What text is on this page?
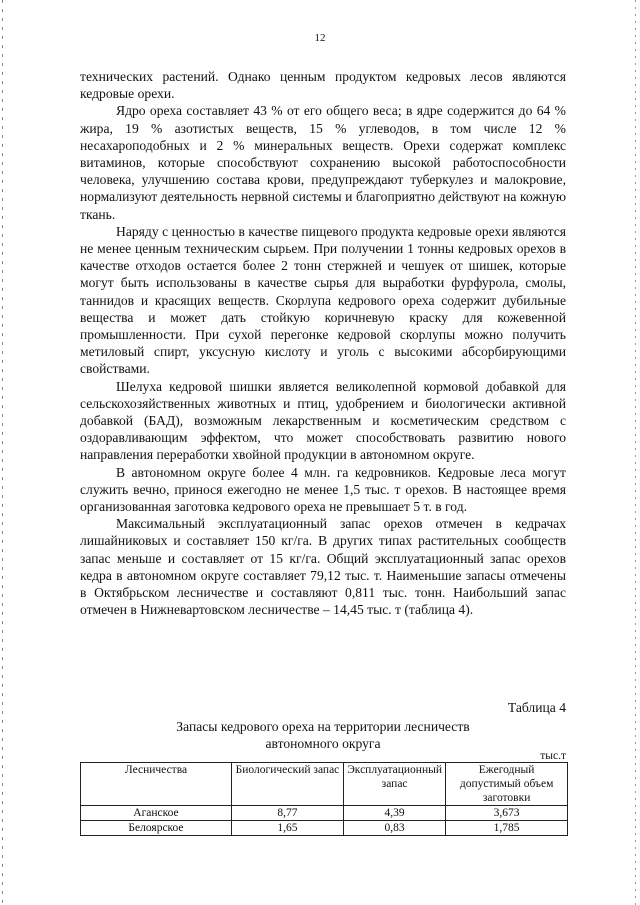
12

технических растений. Однако ценным продуктом кедровых лесов являются кедровые орехи.

Ядро ореха составляет 43 % от его общего веса; в ядре содержится до 64 % жира, 19 % азотистых веществ, 15 % углеводов, в том числе 12 % несахароподобных и 2 % минеральных веществ. Орехи содержат комплекс витаминов, которые способствуют сохранению высокой работоспособности человека, улучшению состава крови, предупреждают туберкулез и малокровие, нормализуют деятельность нервной системы и благоприятно действуют на кожную ткань.

Наряду с ценностью в качестве пищевого продукта кедровые орехи являются не менее ценным техническим сырьем. При получении 1 тонны кедровых орехов в качестве отходов остается более 2 тонн стержней и чешуек от шишек, которые могут быть использованы в качестве сырья для выработки фурфурола, смолы, таннидов и красящих веществ. Скорлупа кедрового ореха содержит дубильные вещества и может дать стойкую коричневую краску для кожевенной промышленности. При сухой перегонке кедровой скорлупы можно получить метиловый спирт, уксусную кислоту и уголь с высокими абсорбирующими свойствами.

Шелуха кедровой шишки является великолепной кормовой добавкой для сельскохозяйственных животных и птиц, удобрением и биологически активной добавкой (БАД), возможным лекарственным и косметическим средством с оздоравливающим эффектом, что может способствовать развитию нового направления переработки хвойной продукции в автономном округе.

В автономном округе более 4 млн. га кедровников. Кедровые леса могут служить вечно, принося ежегодно не менее 1,5 тыс. т орехов. В настоящее время организованная заготовка кедрового ореха не превышает 5 т. в год.

Максимальный эксплуатационный запас орехов отмечен в кедрачах лишайниковых и составляет 150 кг/га. В других типах растительных сообществ запас меньше и составляет от 15 кг/га. Общий эксплуатационный запас орехов кедра в автономном округе составляет 79,12 тыс. т. Наименьшие запасы отмечены в Октябрьском лесничестве и составляют 0,811 тыс. тонн. Наибольший запас отмечен в Нижневартовском лесничестве – 14,45 тыс. т (таблица 4).

Таблица 4
Запасы кедрового ореха на территории лесничеств
автономного округа
тыс.т
Лесничества	Биологический запас	Эксплуатационный запас	Ежегодный допустимый объем заготовки
Аганское	8,77	4,39	3,673
Белоярское	1,65	0,83	1,785
